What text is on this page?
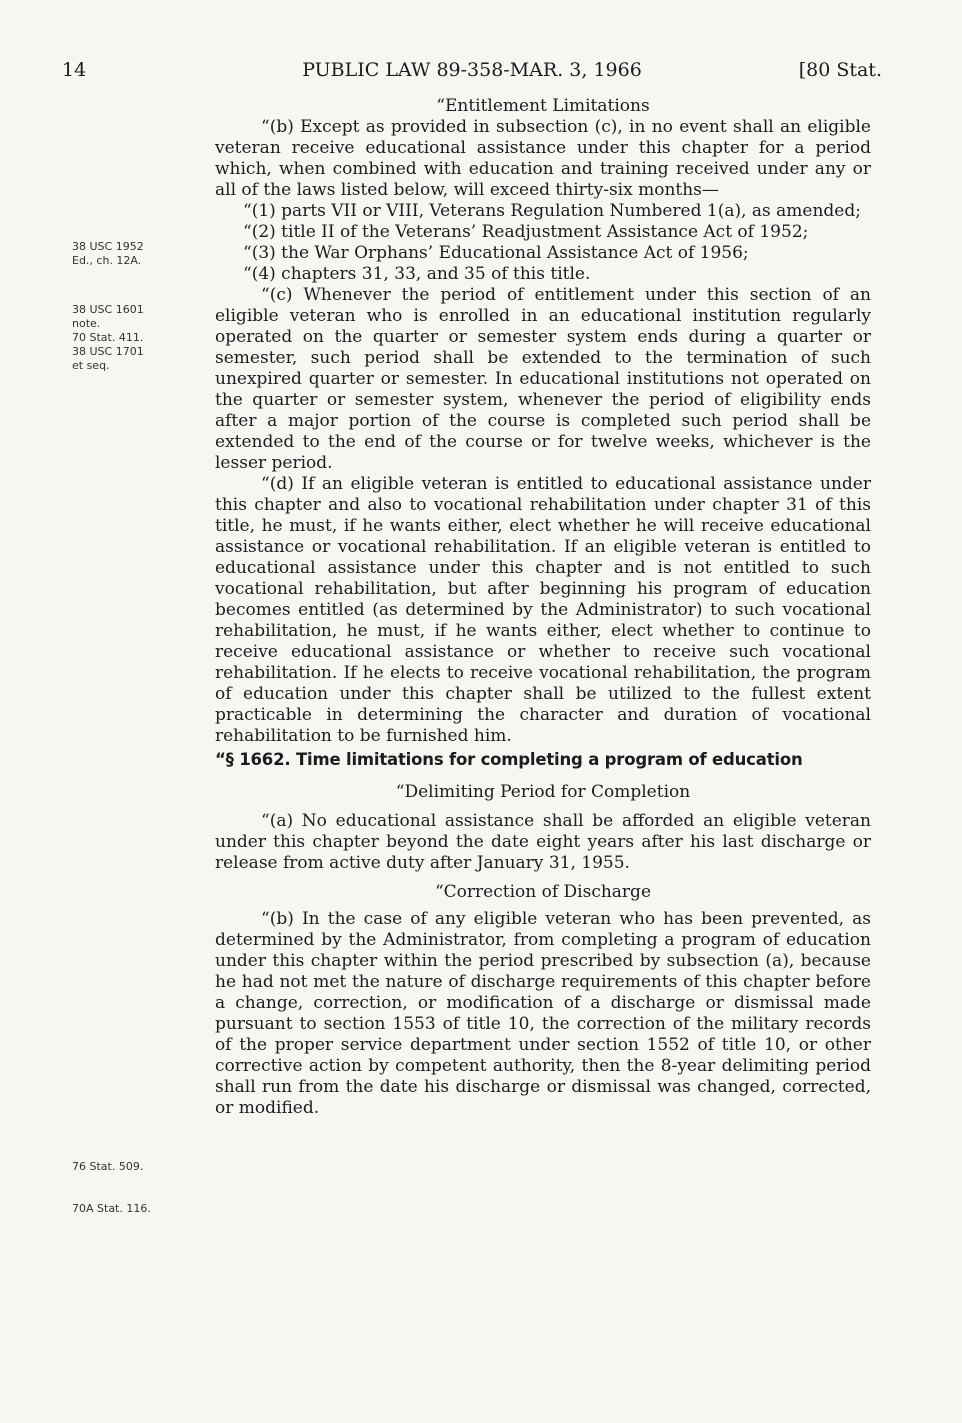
14	PUBLIC LAW 89-358-MAR. 3, 1966	[80 Stat.
38 USC 1952
Ed., ch. 12A.
38 USC 1601
note.
70 Stat. 411.
38 USC 1701
et seq.
76 Stat. 509.
70A Stat. 116.

“Entitlement Limitations

“(b) Except as provided in subsection (c), in no event shall an eligible veteran receive educational assistance under this chapter for a period which, when combined with education and training received under any or all of the laws listed below, will exceed thirty-six months—

“(1) parts VII or VIII, Veterans Regulation Numbered 1(a), as amended;

“(2) title II of the Veterans’ Readjustment Assistance Act of 1952;

“(3) the War Orphans’ Educational Assistance Act of 1956;

“(4) chapters 31, 33, and 35 of this title.

“(c) Whenever the period of entitlement under this section of an eligible veteran who is enrolled in an educational institution regularly operated on the quarter or semester system ends during a quarter or semester, such period shall be extended to the termination of such unexpired quarter or semester. In educational institutions not operated on the quarter or semester system, whenever the period of eligibility ends after a major portion of the course is completed such period shall be extended to the end of the course or for twelve weeks, whichever is the lesser period.

“(d) If an eligible veteran is entitled to educational assistance under this chapter and also to vocational rehabilitation under chapter 31 of this title, he must, if he wants either, elect whether he will receive educational assistance or vocational rehabilitation. If an eligible veteran is entitled to educational assistance under this chapter and is not entitled to such vocational rehabilitation, but after beginning his program of education becomes entitled (as determined by the Administrator) to such vocational rehabilitation, he must, if he wants either, elect whether to continue to receive educational assistance or whether to receive such vocational rehabilitation. If he elects to receive vocational rehabilitation, the program of education under this chapter shall be utilized to the fullest extent practicable in determining the character and duration of vocational rehabilitation to be furnished him.

“§ 1662. Time limitations for completing a program of education

“Delimiting Period for Completion

“(a) No educational assistance shall be afforded an eligible veteran under this chapter beyond the date eight years after his last discharge or release from active duty after January 31, 1955.

“Correction of Discharge

“(b) In the case of any eligible veteran who has been prevented, as determined by the Administrator, from completing a program of education under this chapter within the period prescribed by subsection (a), because he had not met the nature of discharge requirements of this chapter before a change, correction, or modification of a discharge or dismissal made pursuant to section 1553 of title 10, the correction of the military records of the proper service department under section 1552 of title 10, or other corrective action by competent authority, then the 8-year delimiting period shall run from the date his discharge or dismissal was changed, corrected, or modified.
